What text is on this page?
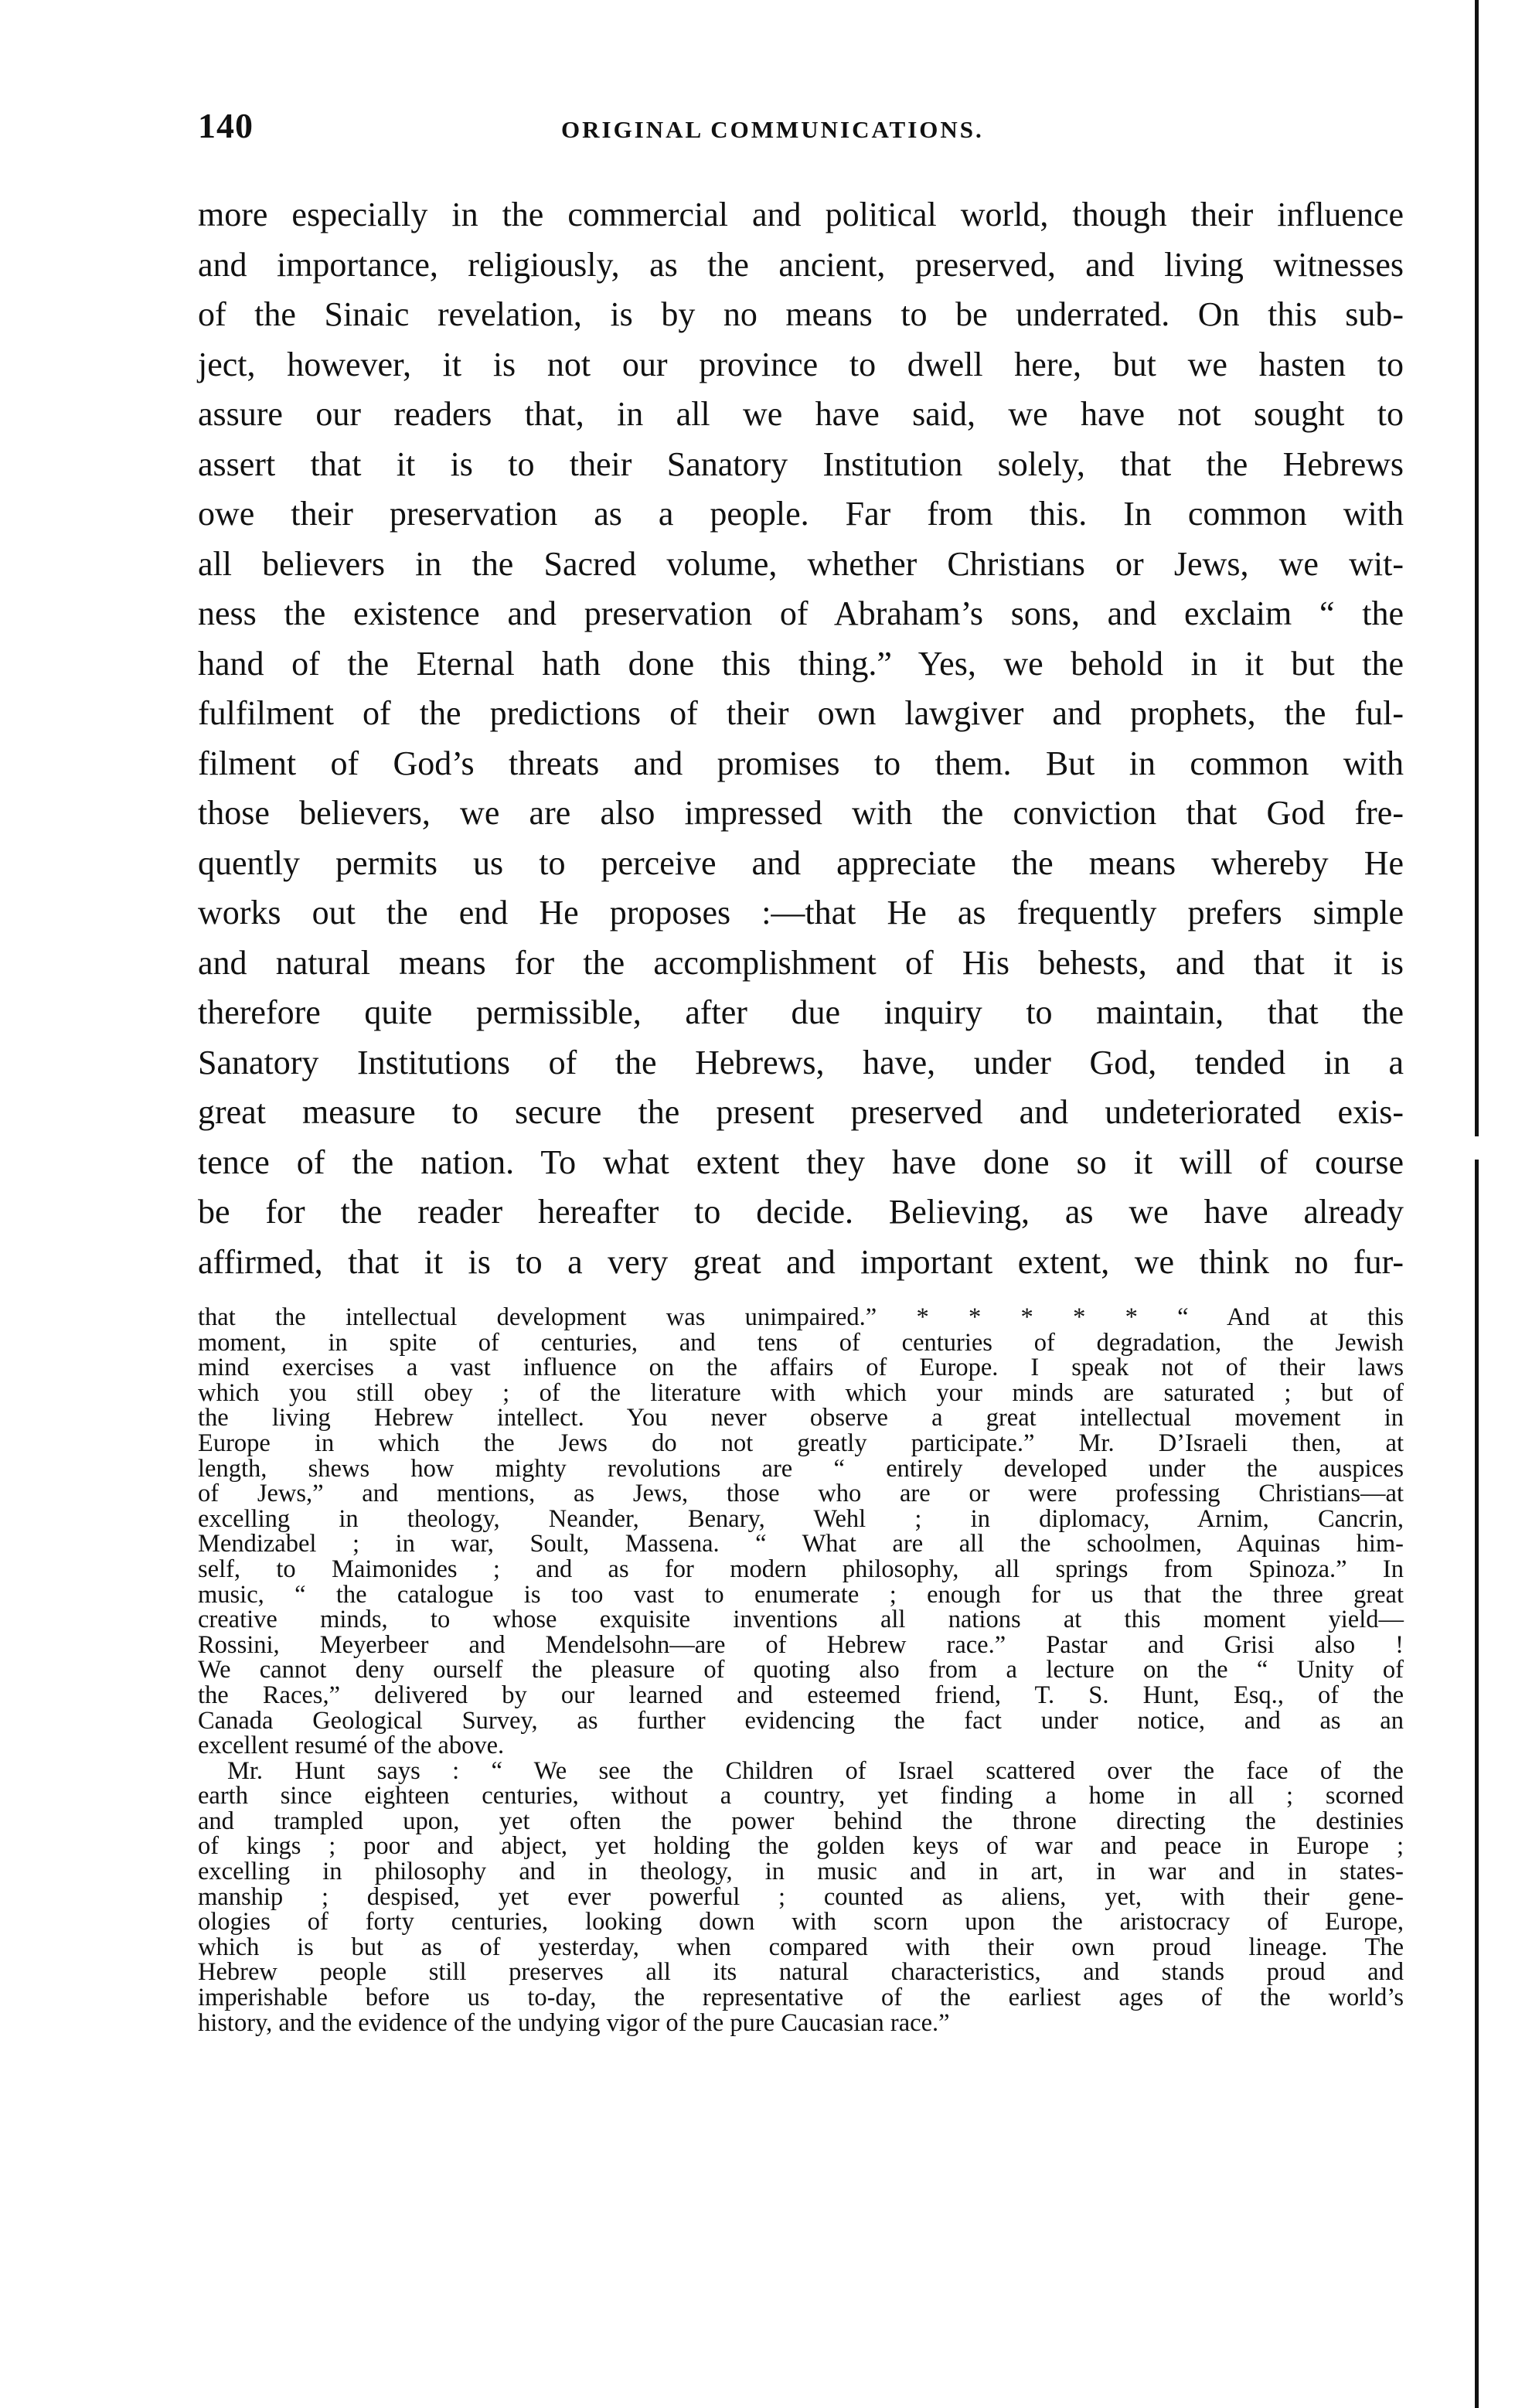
140	ORIGINAL COMMUNICATIONS.
more especially in the commercial and political world, though their influence
and importance, religiously, as the ancient, preserved, and living witnesses
of the Sinaic revelation, is by no means to be underrated. On this sub-
ject, however, it is not our province to dwell here, but we hasten to
assure our readers that, in all we have said, we have not sought to
assert that it is to their Sanatory Institution solely, that the Hebrews
owe their preservation as a people. Far from this. In common with
all believers in the Sacred volume, whether Christians or Jews, we wit-
ness the existence and preservation of Abraham’s sons, and exclaim “ the
hand of the Eternal hath done this thing.” Yes, we behold in it but the
fulfilment of the predictions of their own lawgiver and prophets, the ful-
filment of God’s threats and promises to them. But in common with
those believers, we are also impressed with the conviction that God fre-
quently permits us to perceive and appreciate the means whereby He
works out the end He proposes :—that He as frequently prefers simple
and natural means for the accomplishment of His behests, and that it is
therefore quite permissible, after due inquiry to maintain, that the
Sanatory Institutions of the Hebrews, have, under God, tended in a
great measure to secure the present preserved and undeteriorated exis-
tence of the nation. To what extent they have done so it will of course
be for the reader hereafter to decide. Believing, as we have already
affirmed, that it is to a very great and important extent, we think no fur-
that the intellectual development was unimpaired.” * * * * * “ And at this
moment, in spite of centuries, and tens of centuries of degradation, the Jewish
mind exercises a vast influence on the affairs of Europe. I speak not of their laws
which you still obey ; of the literature with which your minds are saturated ; but of
the living Hebrew intellect. You never observe a great intellectual movement in
Europe in which the Jews do not greatly participate.” Mr. D’Israeli then, at
length, shews how mighty revolutions are “ entirely developed under the auspices
of Jews,” and mentions, as Jews, those who are or were professing Christians—at
excelling in theology, Neander, Benary, Wehl ; in diplomacy, Arnim, Cancrin,
Mendizabel ; in war, Soult, Massena. “ What are all the schoolmen, Aquinas him-
self, to Maimonides ; and as for modern philosophy, all springs from Spinoza.” In
music, “ the catalogue is too vast to enumerate ; enough for us that the three great
creative minds, to whose exquisite inventions all nations at this moment yield—
Rossini, Meyerbeer and Mendelsohn—are of Hebrew race.” Pastar and Grisi also !
We cannot deny ourself the pleasure of quoting also from a lecture on the “ Unity of
the Races,” delivered by our learned and esteemed friend, T. S. Hunt, Esq., of the
Canada Geological Survey, as further evidencing the fact under notice, and as an
excellent resumé of the above.
Mr. Hunt says : “ We see the Children of Israel scattered over the face of the
earth since eighteen centuries, without a country, yet finding a home in all ; scorned
and trampled upon, yet often the power behind the throne directing the destinies
of kings ; poor and abject, yet holding the golden keys of war and peace in Europe ;
excelling in philosophy and in theology, in music and in art, in war and in states-
manship ; despised, yet ever powerful ; counted as aliens, yet, with their gene-
ologies of forty centuries, looking down with scorn upon the aristocracy of Europe,
which is but as of yesterday, when compared with their own proud lineage. The
Hebrew people still preserves all its natural characteristics, and stands proud and
imperishable before us to-day, the representative of the earliest ages of the world’s
history, and the evidence of the undying vigor of the pure Caucasian race.”
